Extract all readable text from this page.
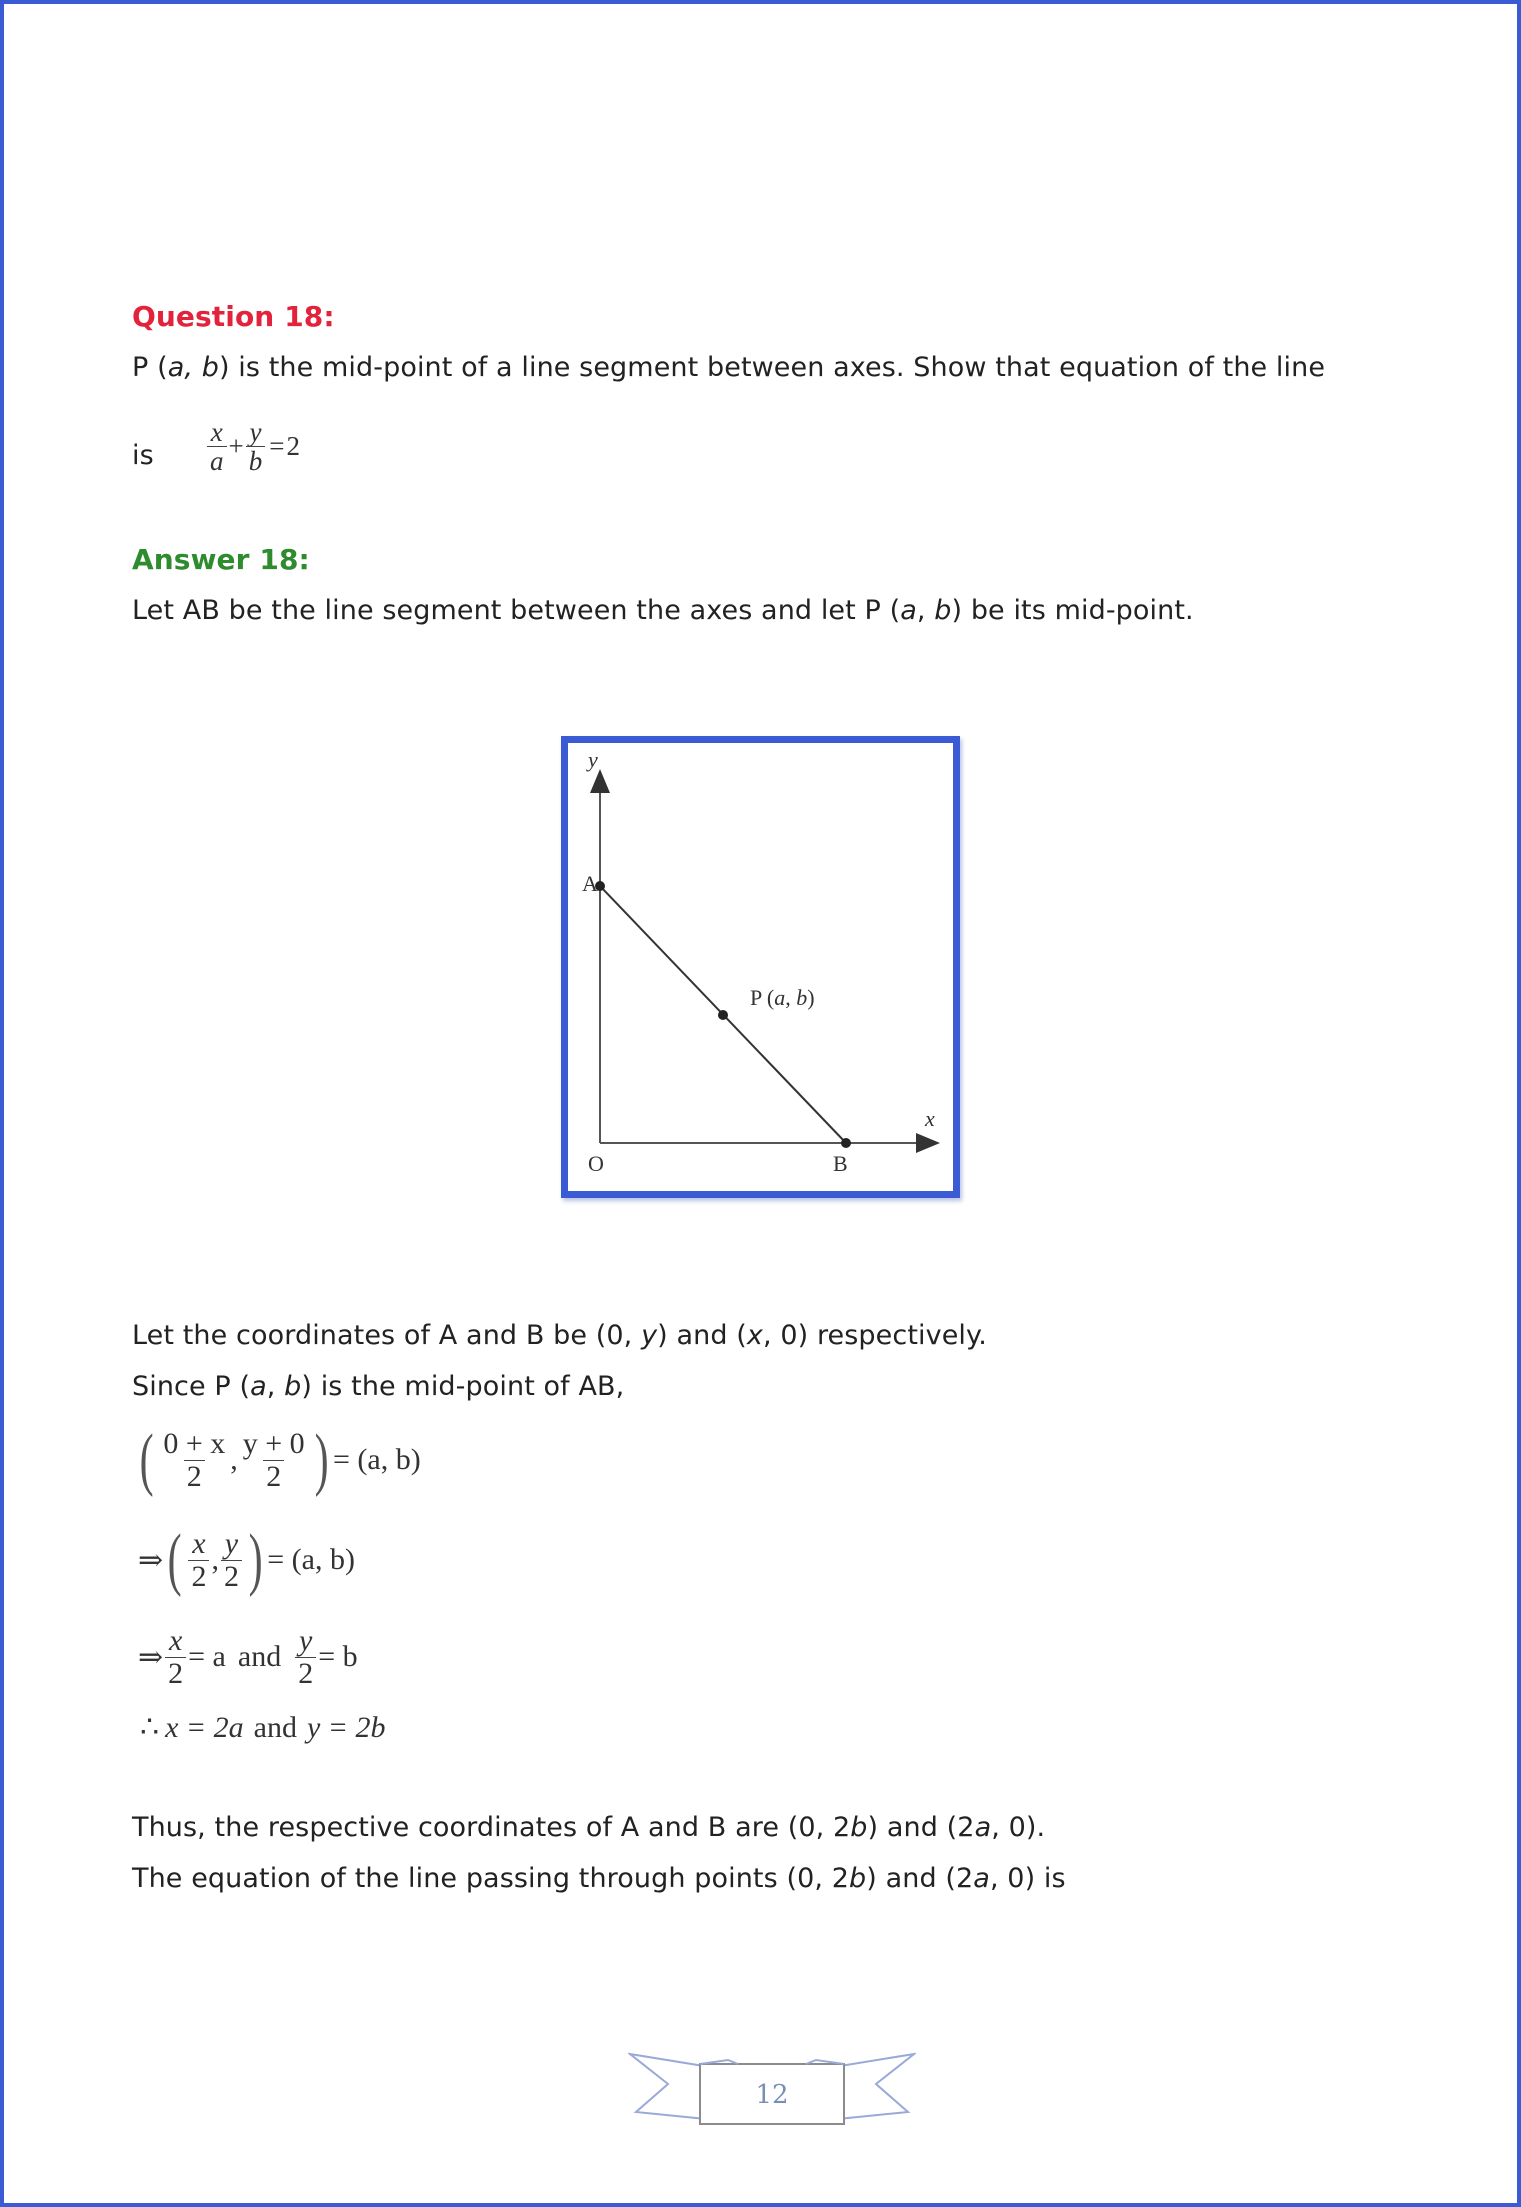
Question 18:
P (a, b) is the mid-point of a line segment between axes. Show that equation of the line
is $\frac{x}{a} + \frac{y}{b} = 2$
Answer 18:
Let AB be the line segment between the axes and let P (a, b) be its mid-point.
y
x
A
B
O
P (a, b)
Let the coordinates of A and B be (0, y) and (x, 0) respectively.
Since P (a, b) is the mid-point of AB,
( $\frac{0 + x}{2}$ , $\frac{y + 0}{2}$ ) = (a, b)
⇒ ( $\frac{x}{2}$ , $\frac{y}{2}$ ) = (a, b)
⇒ $\frac{x}{2} = a$ and $\frac{y}{2} = b$
∴ x = 2a and y = 2b
Thus, the respective coordinates of A and B are (0, 2b) and (2a, 0).
The equation of the line passing through points (0, 2b) and (2a, 0) is
12
